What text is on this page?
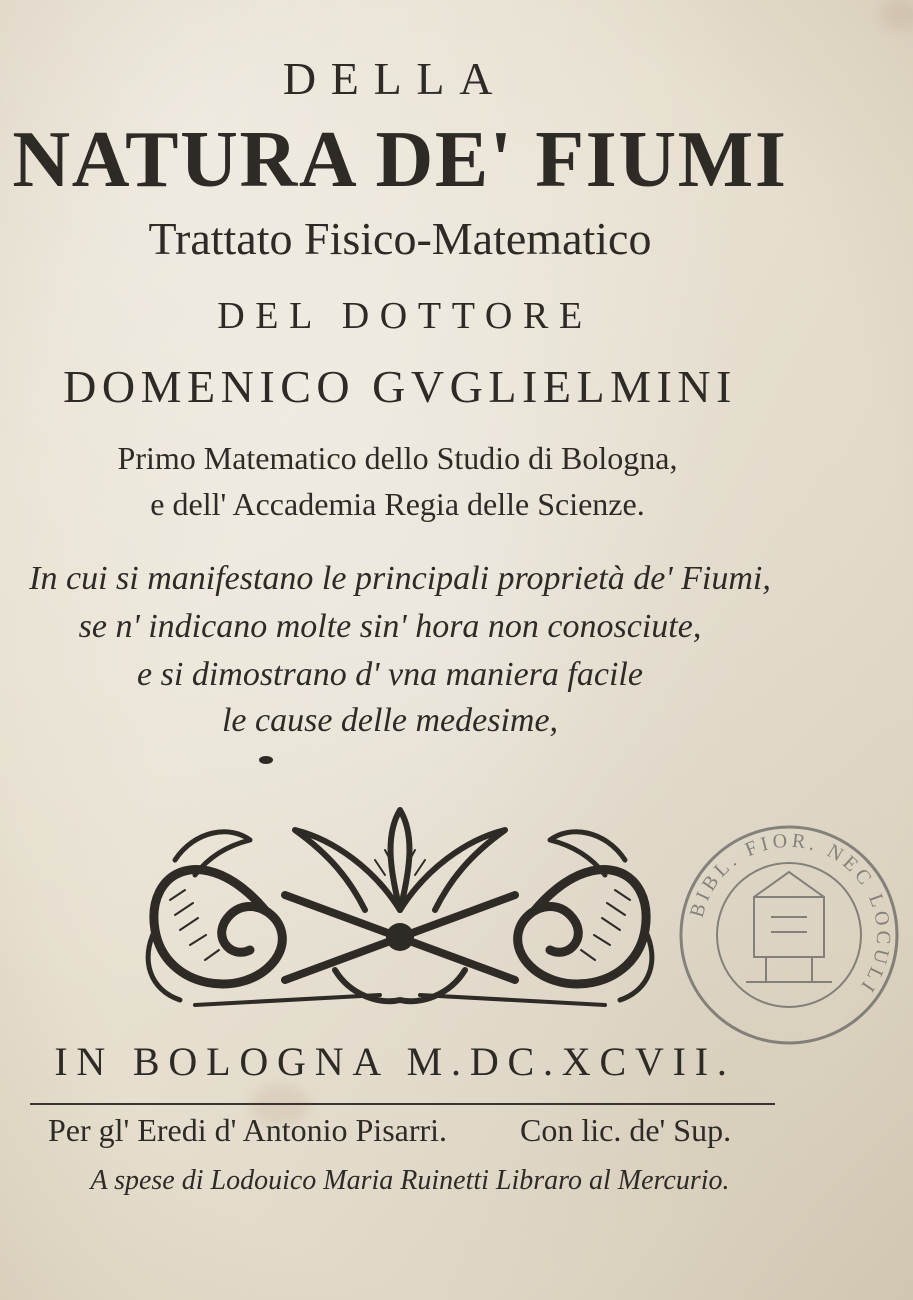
DELLA
NATURA DE' FIUMI
Trattato Fisico-Matematico
DEL DOTTORE
DOMENICO GVGLIELMINI
Primo Matematico dello Studio di Bologna,
e dell' Accademia Regia delle Scienze.
In cui si manifestano le principali proprietà de' Fiumi,
se n' indicano molte sin' hora non conosciute,
e si dimostrano d' vna maniera facile
le cause delle medesime,
BIBL. FIOR. NEC LOCULI
IN BOLOGNA M.DC.XCVII.
Per gl' Eredi d' Antonio Pisarri. Con lic. de' Sup.
A spese di Lodouico Maria Ruinetti Libraro al Mercurio.
